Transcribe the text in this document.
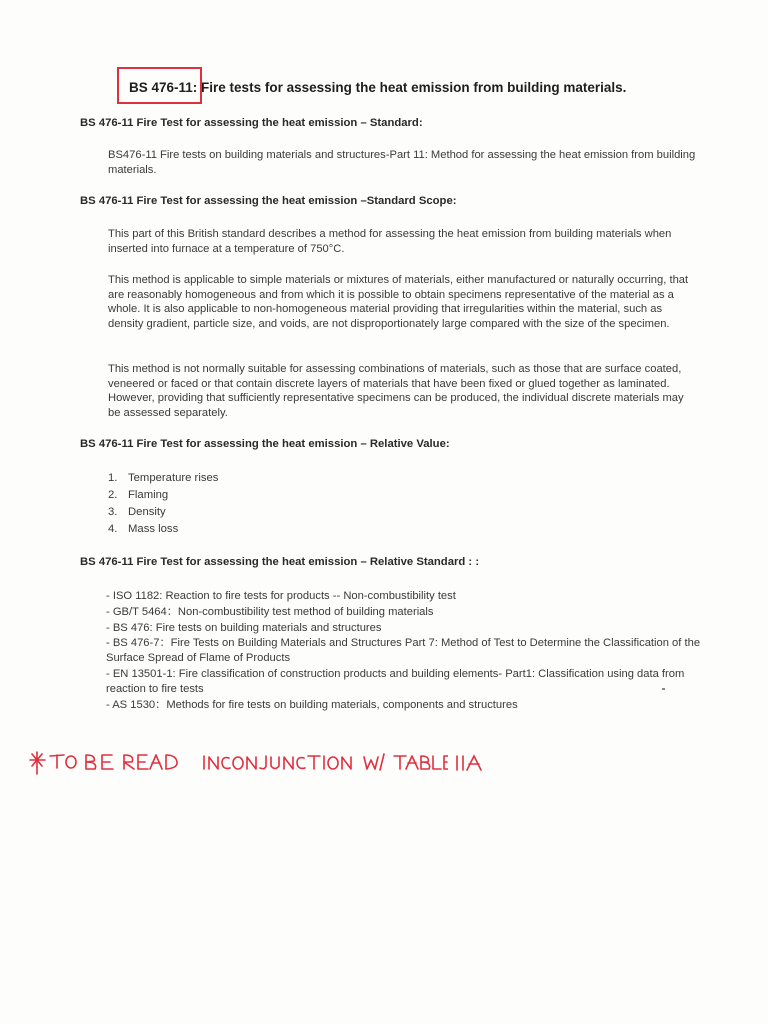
BS 476-11: Fire tests for assessing the heat emission from building materials.
BS 476-11 Fire Test for assessing the heat emission – Standard:
BS476-11 Fire tests on building materials and structures-Part 11: Method for assessing the heat emission from building materials.
BS 476-11 Fire Test for assessing the heat emission –Standard Scope:
This part of this British standard describes a method for assessing the heat emission from building materials when inserted into furnace at a temperature of 750°C.
This method is applicable to simple materials or mixtures of materials, either manufactured or naturally occurring, that are reasonably homogeneous and from which it is possible to obtain specimens representative of the material as a whole. It is also applicable to non-homogeneous material providing that irregularities within the material, such as density gradient, particle size, and voids, are not disproportionately large compared with the size of the specimen.
This method is not normally suitable for assessing combinations of materials, such as those that are surface coated, veneered or faced or that contain discrete layers of materials that have been fixed or glued together as laminated. However, providing that sufficiently representative specimens can be produced, the individual discrete materials may be assessed separately.
BS 476-11 Fire Test for assessing the heat emission – Relative Value:
1. Temperature rises
2. Flaming
3. Density
4. Mass loss
BS 476-11 Fire Test for assessing the heat emission – Relative Standard : :
- ISO 1182: Reaction to fire tests for products -- Non-combustibility test
- GB/T 5464：Non-combustibility test method of building materials
- BS 476: Fire tests on building materials and structures
- BS 476-7：Fire Tests on Building Materials and Structures Part 7: Method of Test to Determine the Classification of the Surface Spread of Flame of Products
- EN 13501-1: Fire classification of construction products and building elements- Part1: Classification using data from reaction to fire tests
- AS 1530：Methods for fire tests on building materials, components and structures
